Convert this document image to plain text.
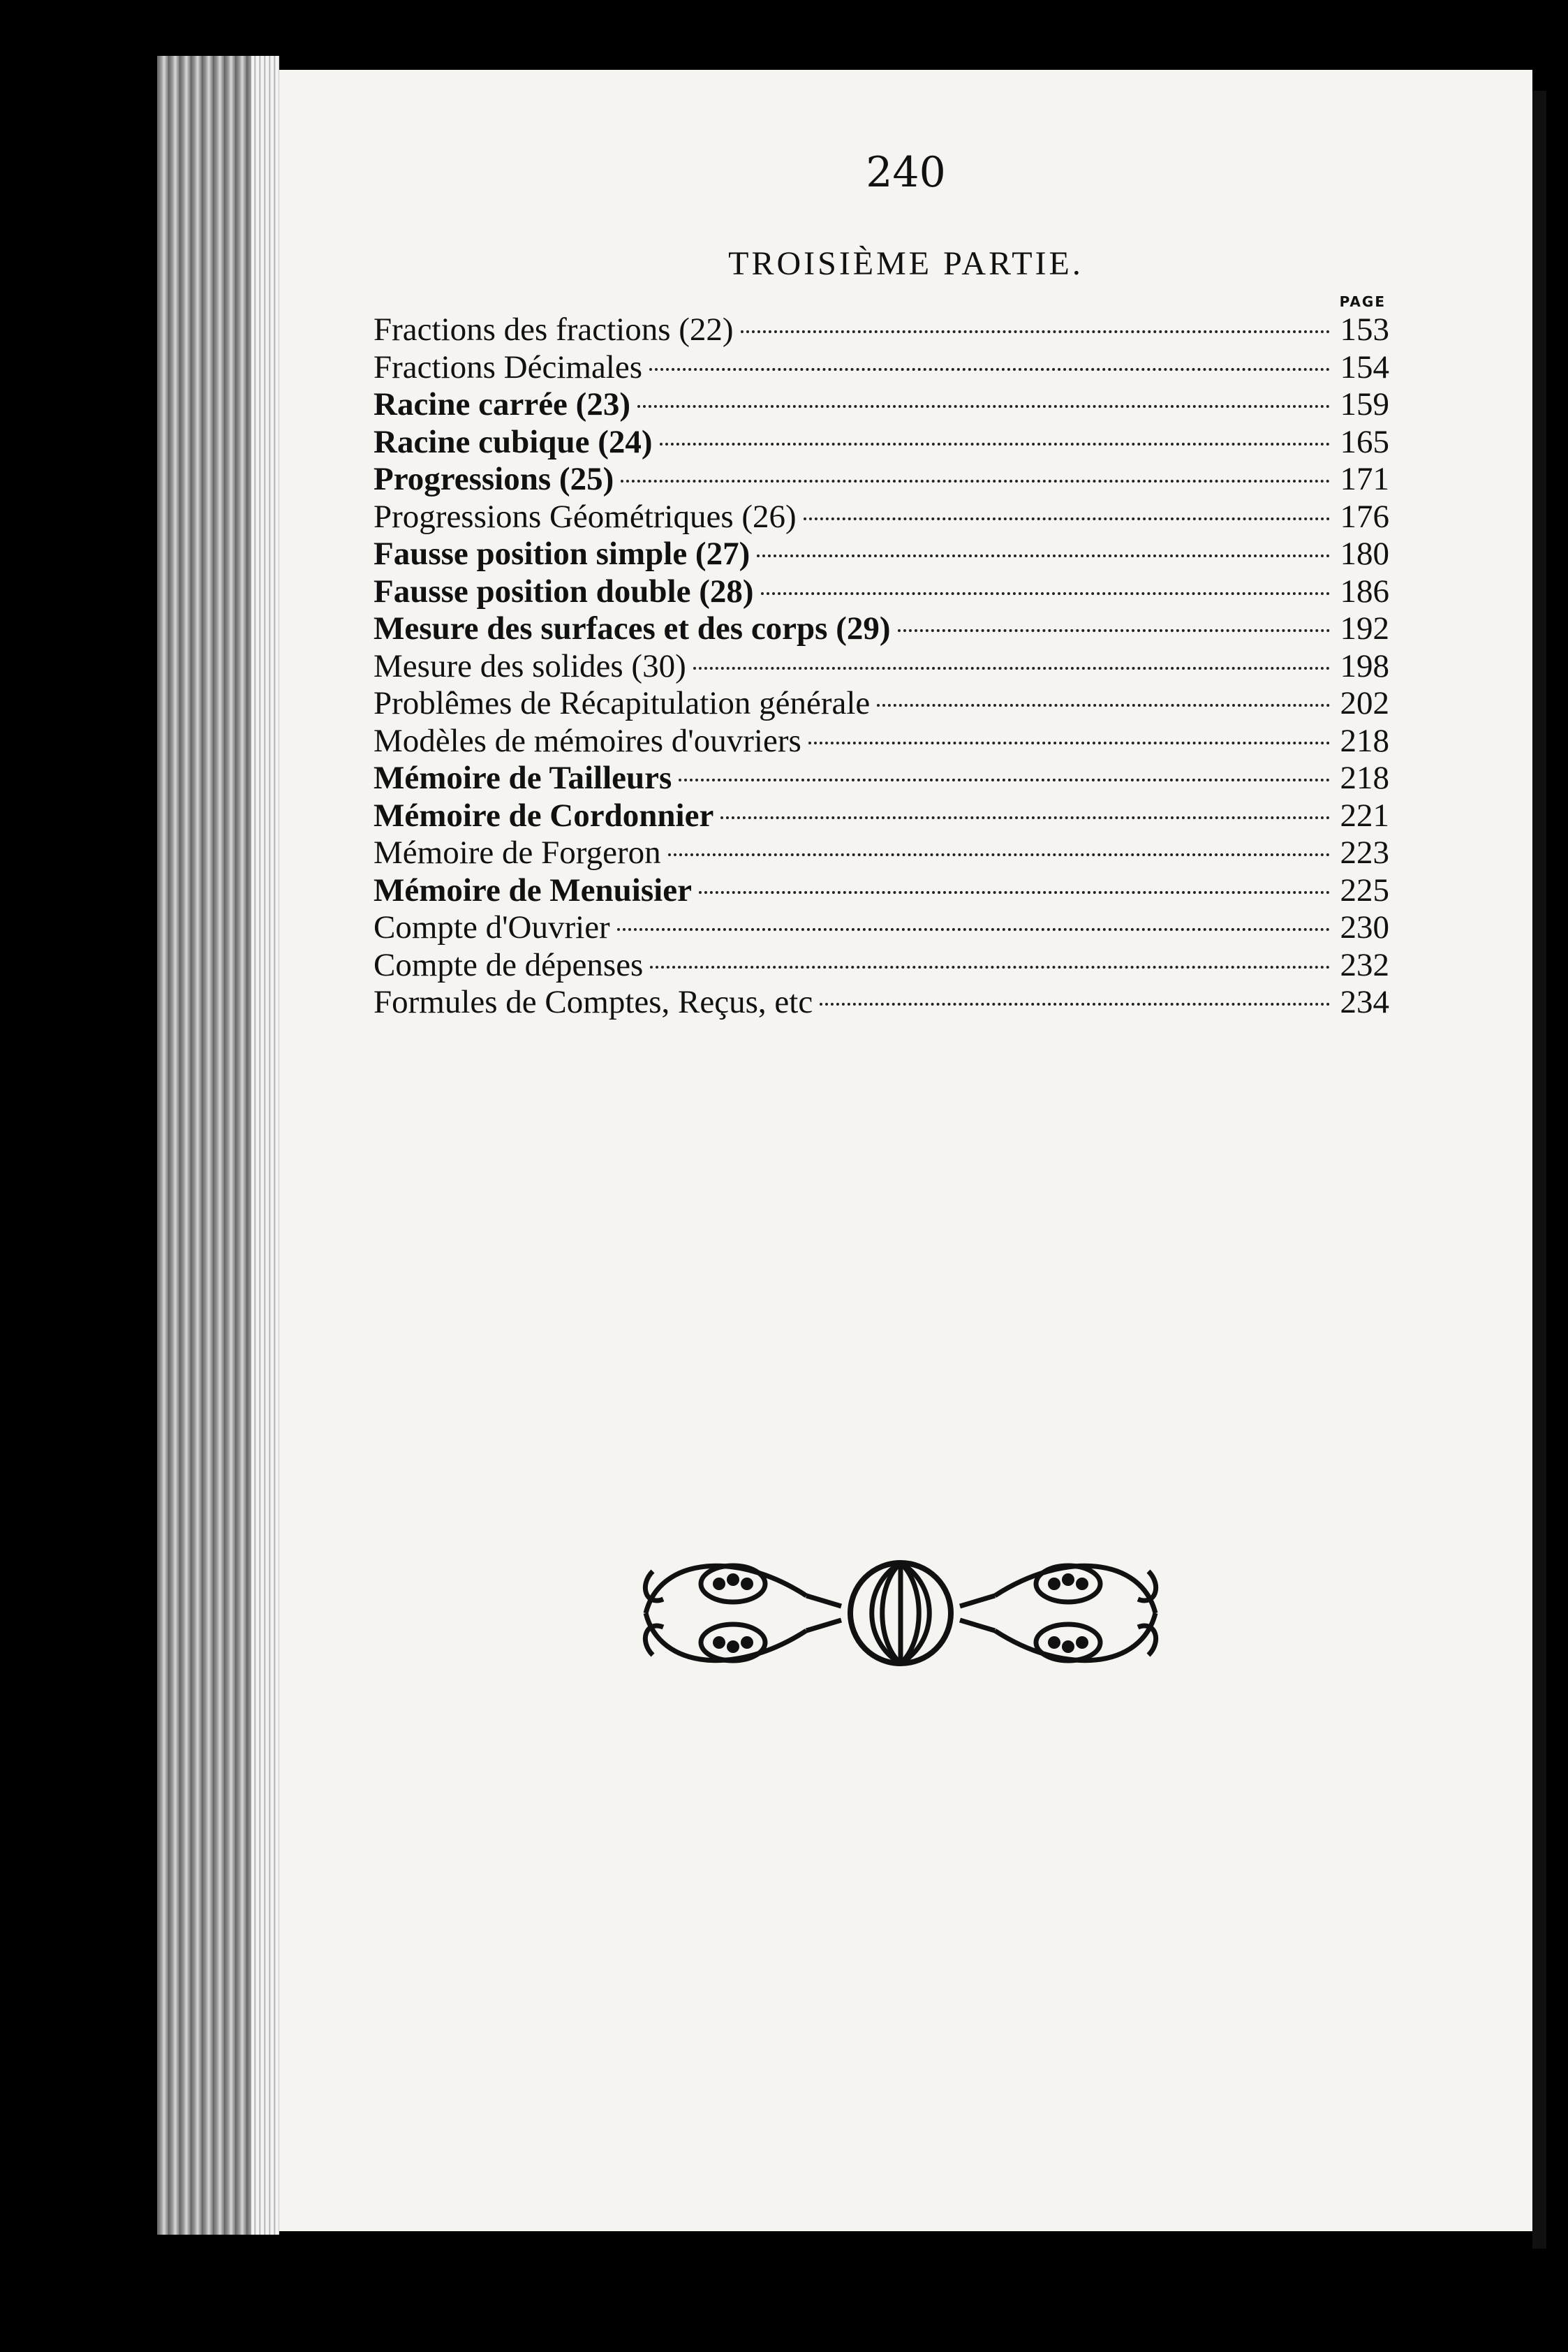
240
TROISIÈME PARTIE.
PAGE
Fractions des fractions (22)	153
Fractions Décimales	154
Racine carrée (23)	159
Racine cubique (24)	165
Progressions (25)	171
Progressions Géométriques (26)	176
Fausse position simple (27)	180
Fausse position double (28)	186
Mesure des surfaces et des corps (29)	192
Mesure des solides (30)	198
Problêmes de Récapitulation générale	202
Modèles de mémoires d'ouvriers	218
Mémoire de Tailleurs	218
Mémoire de Cordonnier	221
Mémoire de Forgeron	223
Mémoire de Menuisier	225
Compte d'Ouvrier	230
Compte de dépenses	232
Formules de Comptes, Reçus, etc	234
